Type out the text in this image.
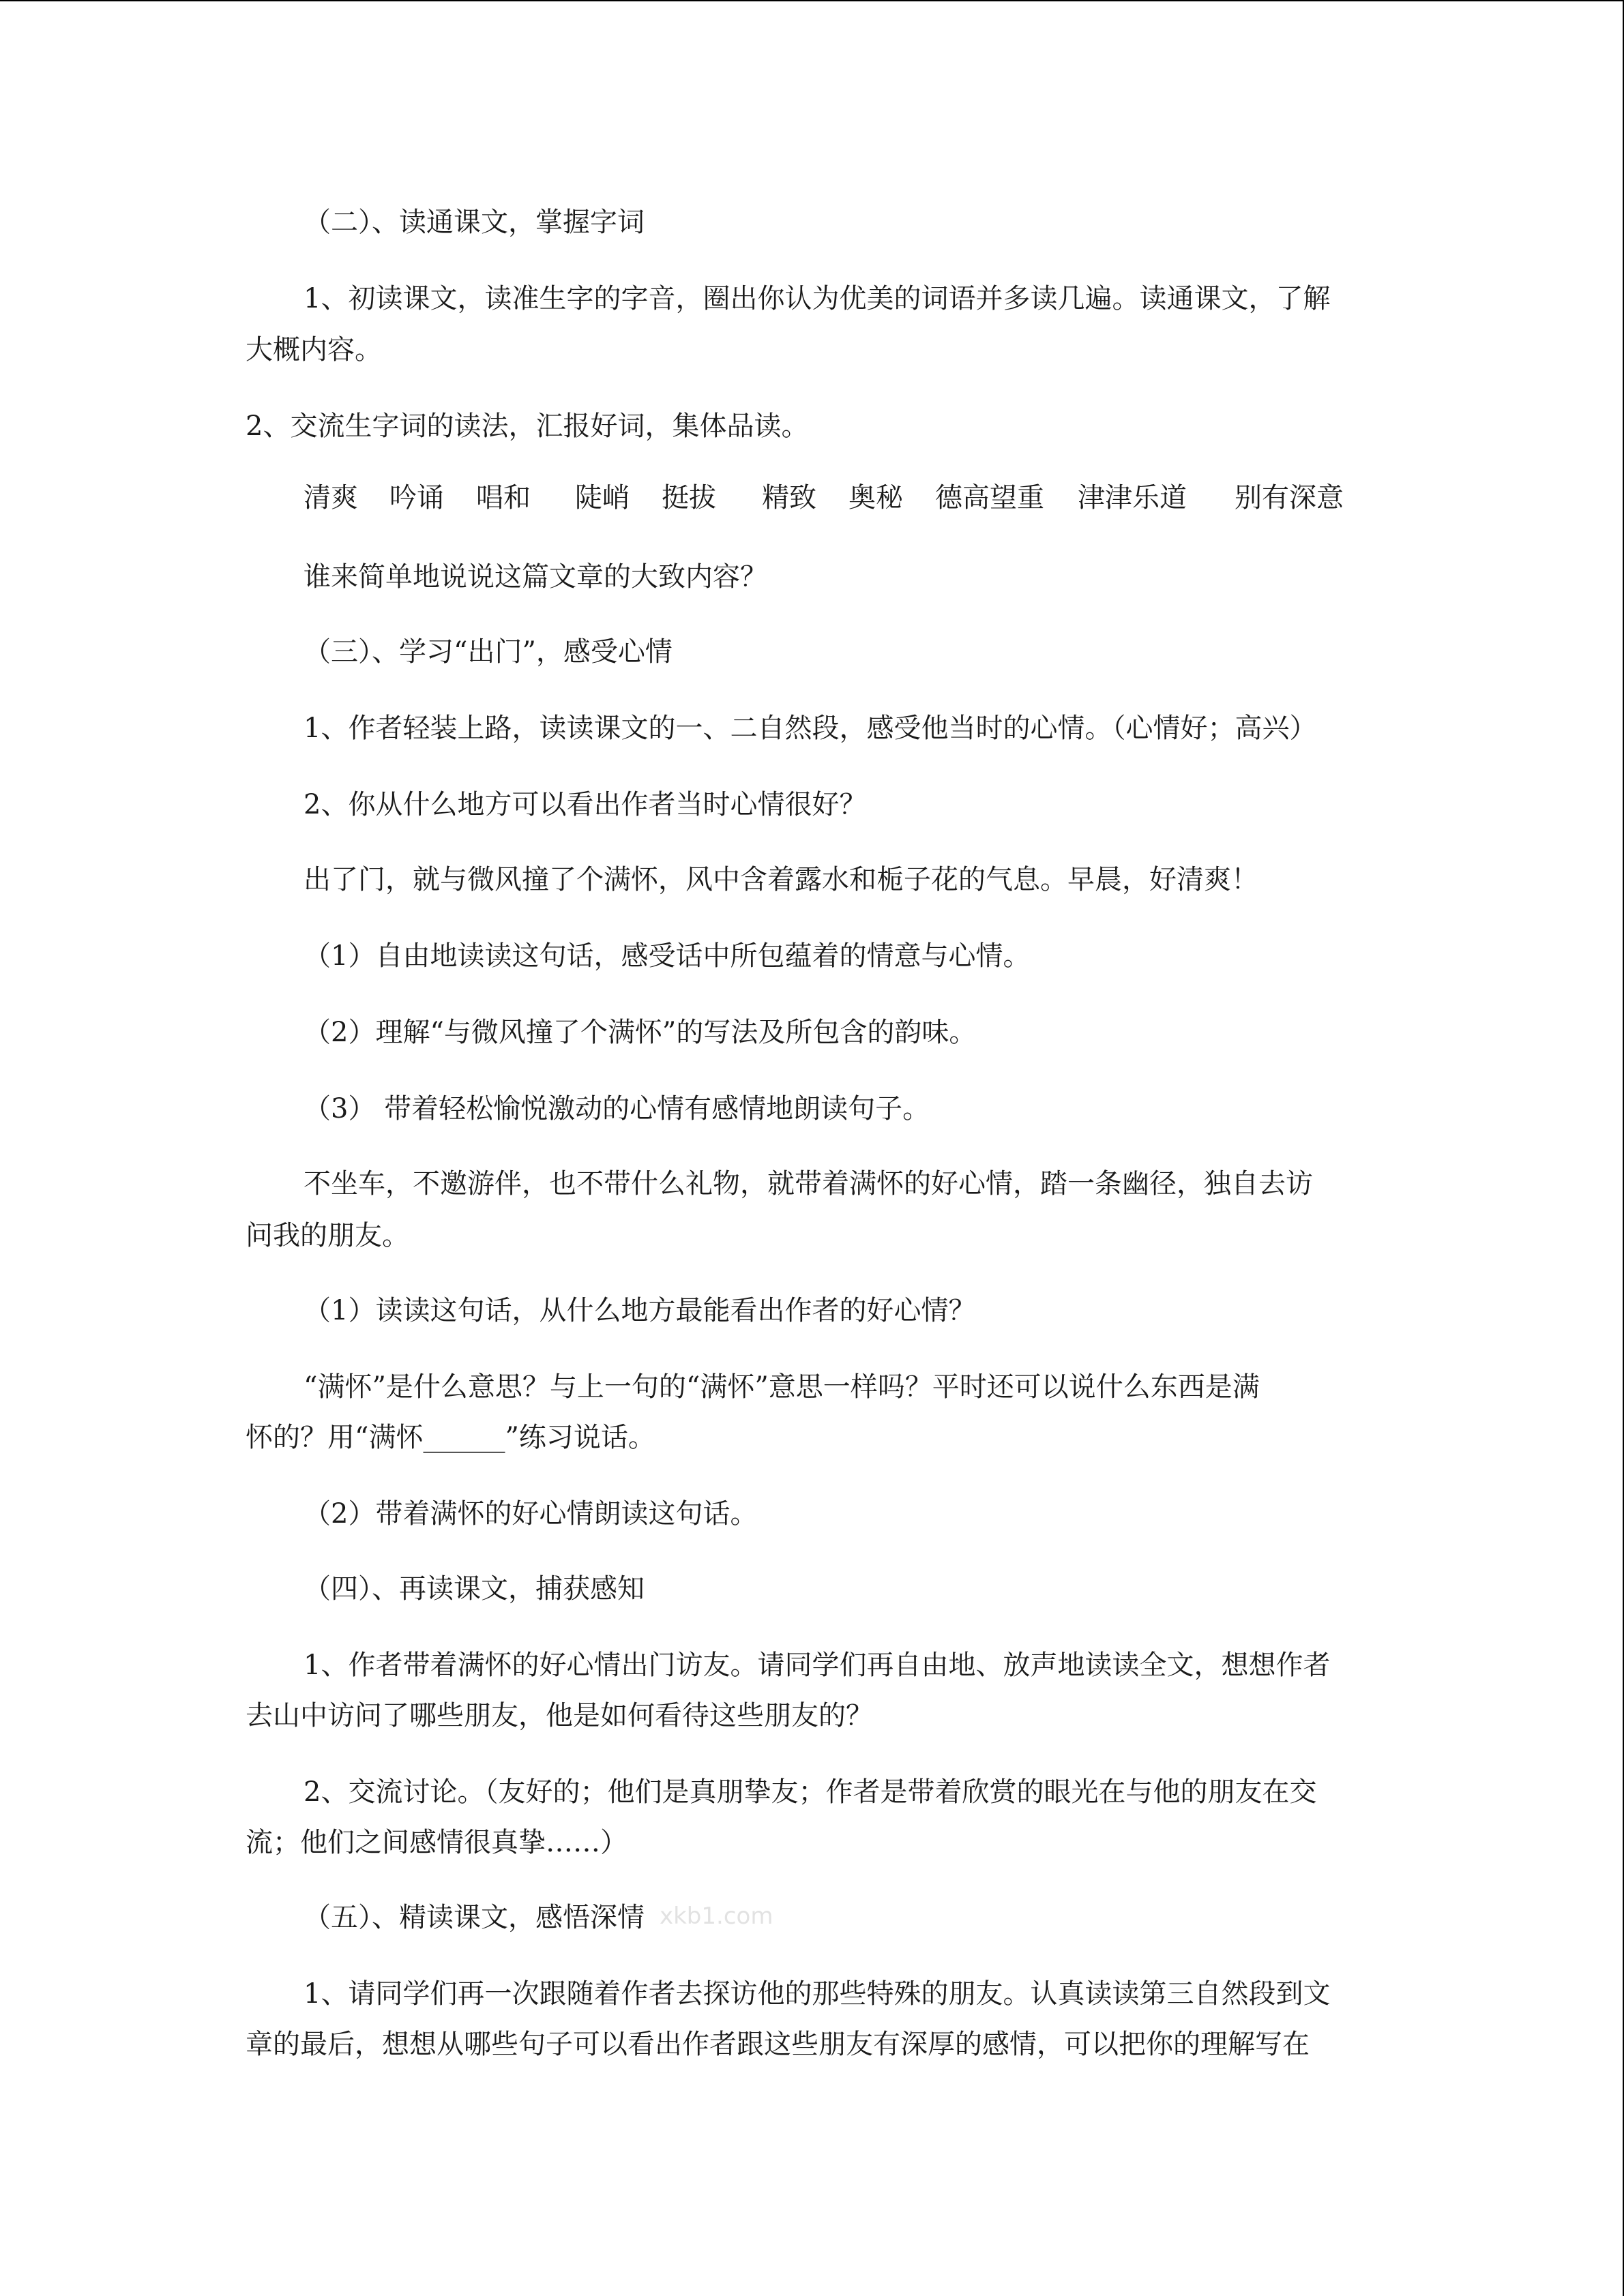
（二）、读通课文，掌握字词
1、初读课文，读准生字的字音，圈出你认为优美的词语并多读几遍。读通课文，了解
大概内容。
2、交流生字词的读法，汇报好词，集体品读。
清爽 吟诵 唱和 陡峭 挺拔 精致 奥秘 德高望重 津津乐道 别有深意
谁来简单地说说这篇文章的大致内容？
（三）、学习“出门”，感受心情
1、作者轻装上路，读读课文的一、二自然段，感受他当时的心情。（心情好；高兴）
2、你从什么地方可以看出作者当时心情很好？
出了门，就与微风撞了个满怀，风中含着露水和栀子花的气息。早晨，好清爽！
（1）自由地读读这句话，感受话中所包蕴着的情意与心情。
（2）理解“与微风撞了个满怀”的写法及所包含的韵味。
（3） 带着轻松愉悦激动的心情有感情地朗读句子。
不坐车，不邀游伴，也不带什么礼物，就带着满怀的好心情，踏一条幽径，独自去访
问我的朋友。
（1）读读这句话，从什么地方最能看出作者的好心情？
“满怀”是什么意思？与上一句的“满怀”意思一样吗？平时还可以说什么东西是满
怀的？用“满怀______”练习说话。
（2）带着满怀的好心情朗读这句话。
（四）、再读课文，捕获感知
1、作者带着满怀的好心情出门访友。请同学们再自由地、放声地读读全文，想想作者
去山中访问了哪些朋友，他是如何看待这些朋友的？
2、交流讨论。（友好的；他们是真朋挚友；作者是带着欣赏的眼光在与他的朋友在交
流；他们之间感情很真挚……）
（五）、精读课文，感悟深情
1、请同学们再一次跟随着作者去探访他的那些特殊的朋友。认真读读第三自然段到文
章的最后，想想从哪些句子可以看出作者跟这些朋友有深厚的感情，可以把你的理解写在
xkb1.com
